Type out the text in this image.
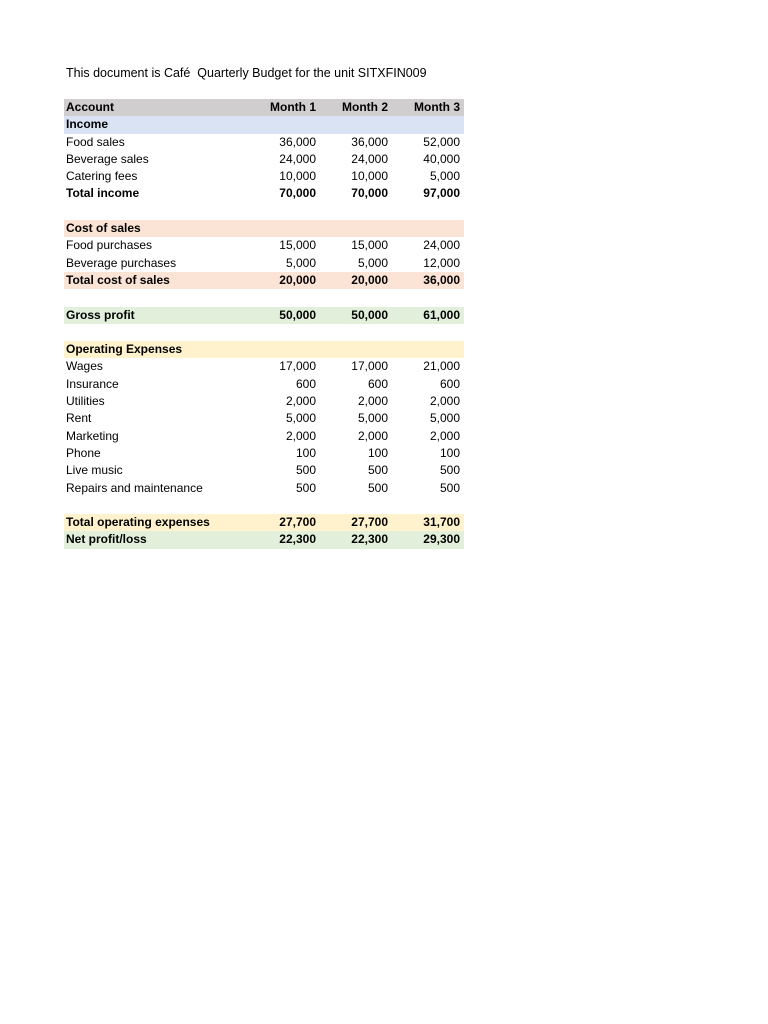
This document is Café  Quarterly Budget for the unit SITXFIN009
Account	Month 1	Month 2	Month 3
Income
Food sales	36,000	36,000	52,000
Beverage sales	24,000	24,000	40,000
Catering fees	10,000	10,000	5,000
Total income	70,000	70,000	97,000
Cost of sales
Food purchases	15,000	15,000	24,000
Beverage purchases	5,000	5,000	12,000
Total cost of sales	20,000	20,000	36,000
Gross profit	50,000	50,000	61,000
Operating Expenses
Wages	17,000	17,000	21,000
Insurance	600	600	600
Utilities	2,000	2,000	2,000
Rent	5,000	5,000	5,000
Marketing	2,000	2,000	2,000
Phone	100	100	100
Live music	500	500	500
Repairs and maintenance	500	500	500
Total operating expenses	27,700	27,700	31,700
Net profit/loss	22,300	22,300	29,300
